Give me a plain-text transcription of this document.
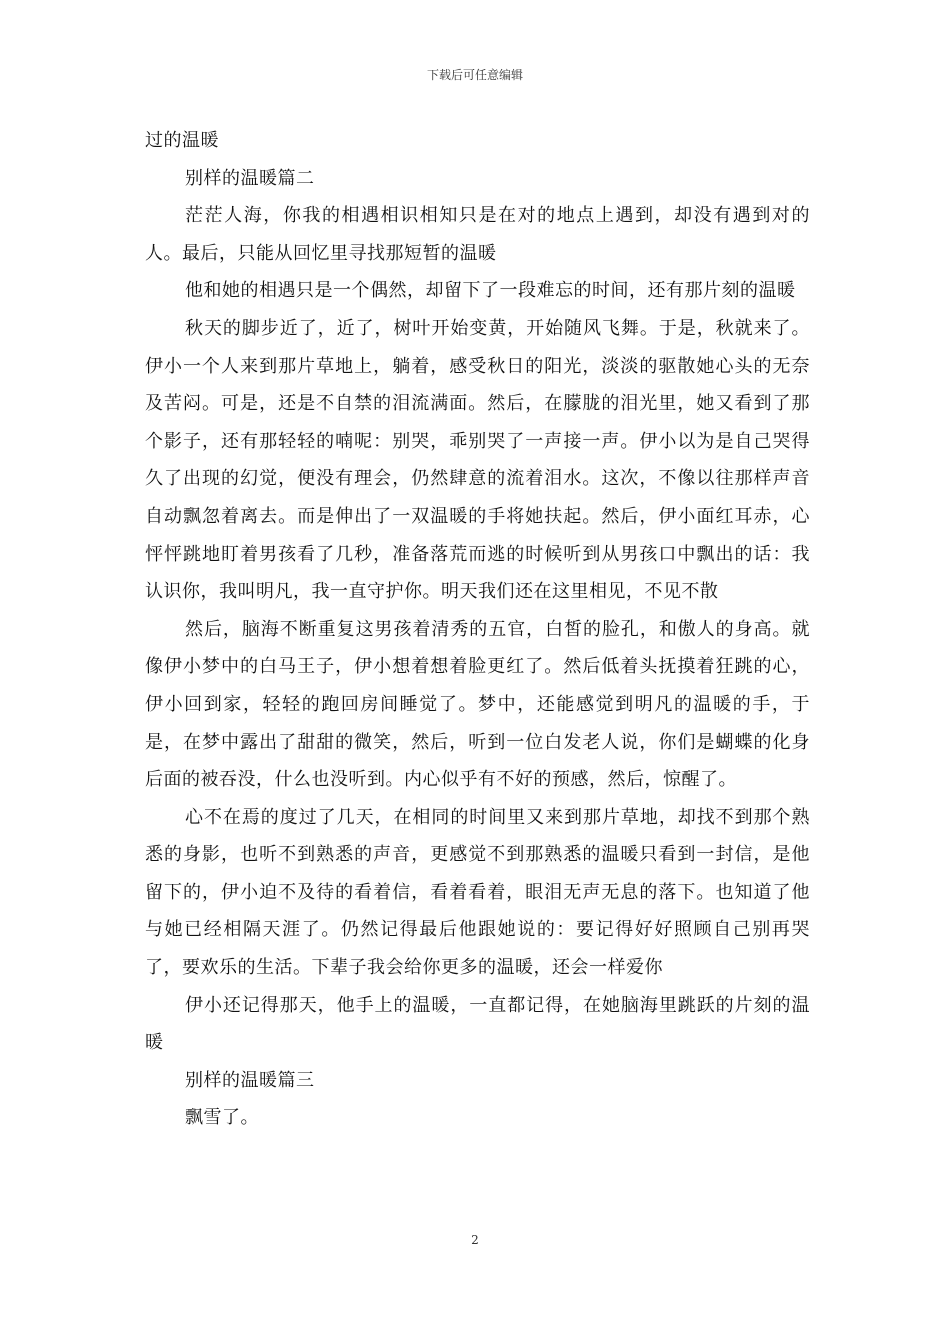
下载后可任意编辑

过的温暖

别样的温暖篇二

茫茫人海，你我的相遇相识相知只是在对的地点上遇到，却没有遇到对的人。最后，只能从回忆里寻找那短暂的温暖

他和她的相遇只是一个偶然，却留下了一段难忘的时间，还有那片刻的温暖

秋天的脚步近了，近了，树叶开始变黄，开始随风飞舞。于是，秋就来了。伊小一个人来到那片草地上，躺着，感受秋日的阳光，淡淡的驱散她心头的无奈及苦闷。可是，还是不自禁的泪流满面。然后，在朦胧的泪光里，她又看到了那个影子，还有那轻轻的喃呢：别哭，乖别哭了一声接一声。伊小以为是自己哭得久了出现的幻觉，便没有理会，仍然肆意的流着泪水。这次，不像以往那样声音自动飘忽着离去。而是伸出了一双温暖的手将她扶起。然后，伊小面红耳赤，心怦怦跳地盯着男孩看了几秒，准备落荒而逃的时候听到从男孩口中飘出的话：我认识你，我叫明凡，我一直守护你。明天我们还在这里相见，不见不散

然后，脑海不断重复这男孩着清秀的五官，白皙的脸孔，和傲人的身高。就像伊小梦中的白马王子，伊小想着想着脸更红了。然后低着头抚摸着狂跳的心，伊小回到家，轻轻的跑回房间睡觉了。梦中，还能感觉到明凡的温暖的手，于是，在梦中露出了甜甜的微笑，然后，听到一位白发老人说，你们是蝴蝶的化身后面的被吞没，什么也没听到。内心似乎有不好的预感，然后，惊醒了。

心不在焉的度过了几天，在相同的时间里又来到那片草地，却找不到那个熟悉的身影，也听不到熟悉的声音，更感觉不到那熟悉的温暖只看到一封信，是他留下的，伊小迫不及待的看着信，看着看着，眼泪无声无息的落下。也知道了他与她已经相隔天涯了。仍然记得最后他跟她说的：要记得好好照顾自己别再哭了，要欢乐的生活。下辈子我会给你更多的温暖，还会一样爱你

伊小还记得那天，他手上的温暖，一直都记得，在她脑海里跳跃的片刻的温暖

别样的温暖篇三

飘雪了。

2
